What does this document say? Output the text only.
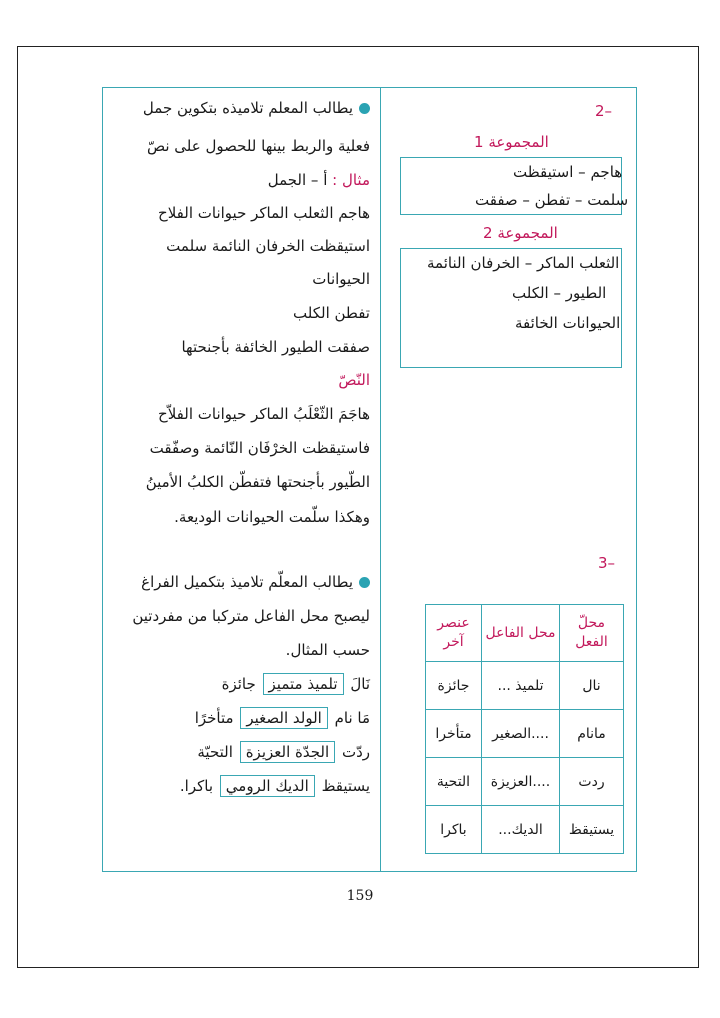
2–
المجموعة 1
هاجم – استيقظت
سلمت – تفطن – صفقت
المجموعة 2
الثعلب الماكر – الخرفان النائمة
الطيور – الكلب
الحيوانات الخائفة
3–
محلّ الفعل	محل الفاعل	عنصر آخر
نال	تلميذ ...	جائزة
مانام	....الصغير	متأخرا
ردت	....العزيزة	التحية
يستيقظ	الديك...	باكرا
يطالب المعلم تلاميذه بتكوين جمل
فعلية والربط بينها للحصول على نصّ
مثال : أ – الجمل
هاجم الثعلب الماكر حيوانات الفلاح
استيقظت الخرفان النائمة سلمت
الحيوانات
تفطن الكلب
صفقت الطيور الخائفة بأجنحتها
النّصّ
هاجَمَ الثّعْلَبُ الماكر حيوانات الفلاّح
فاستيقظت الخرْفَان النّائمة وصفّقت
الطّيور بأجنحتها فتفطّن الكلبُ الأمينُ
وهكذا سلّمت الحيوانات الوديعة.
يطالب المعلّم تلاميذ بتكميل الفراغ
ليصبح محل الفاعل متركبا من مفردتين
حسب المثال.
نَالَ تلميذ متميز جائزة
مَا نام الولد الصغير متأخرًا
ردّت الجدّة العزيزة التحيّة
يستيقظ الديك الرومي باكرا.
159
